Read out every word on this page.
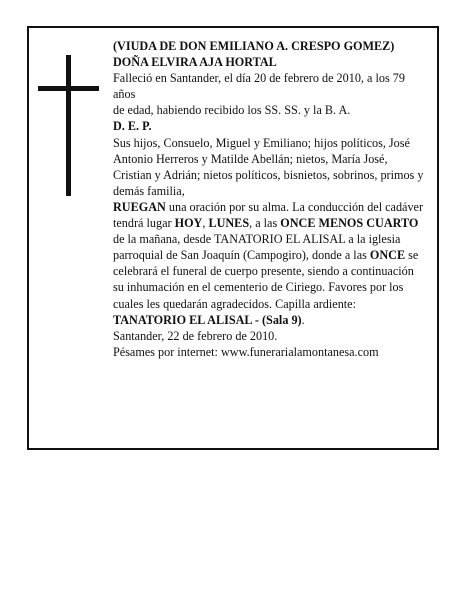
(VIUDA DE DON EMILIANO A. CRESPO GOMEZ)

DOÑA ELVIRA AJA HORTAL

Falleció en Santander, el día 20 de febrero de 2010, a los 79 años

de edad, habiendo recibido los SS. SS. y la B. A.

D. E. P.

Sus hijos, Consuelo, Miguel y Emiliano; hijos políticos, José Antonio Herreros y Matilde Abellán; nietos, María José, Cristian y Adrián; nietos políticos, bisnietos, sobrinos, primos y demás familia,

RUEGAN una oración por su alma. La conducción del cadáver tendrá lugar HOY, LUNES, a las ONCE MENOS CUARTO de la mañana, desde TANATORIO EL ALISAL a la iglesia parroquial de San Joaquín (Campogiro), donde a las ONCE se celebrará el funeral de cuerpo presente, siendo a continuación su inhumación en el cementerio de Ciriego. Favores por los cuales les quedarán agradecidos. Capilla ardiente: TANATORIO EL ALISAL - (Sala 9).

Santander, 22 de febrero de 2010.

Pésames por internet: www.funerarialamontanesa.com
